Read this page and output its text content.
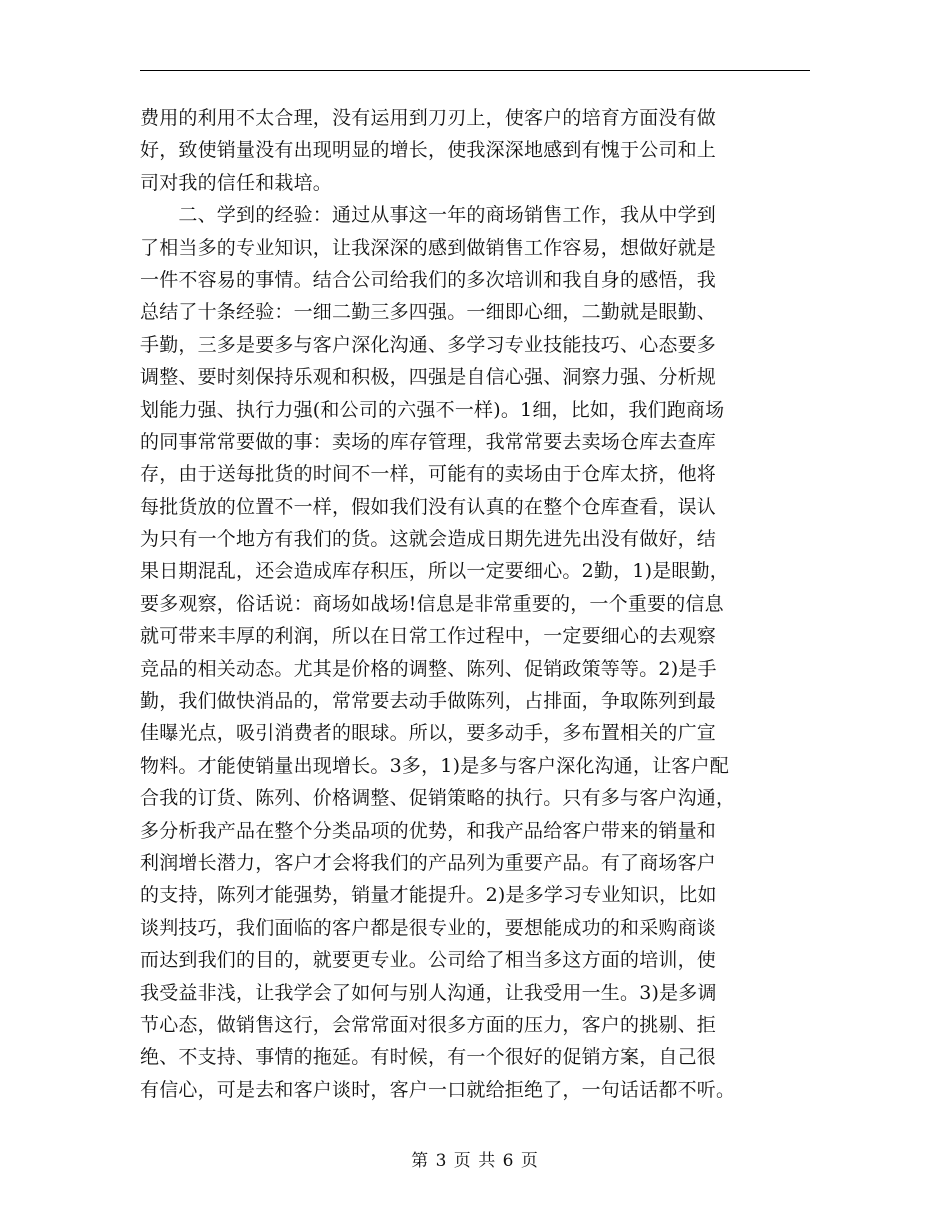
费用的利用不太合理，没有运用到刀刃上，使客户的培育方面没有做
好，致使销量没有出现明显的增长，使我深深地感到有愧于公司和上
司对我的信任和栽培。
　　二、学到的经验：通过从事这一年的商场销售工作，我从中学到
了相当多的专业知识，让我深深的感到做销售工作容易，想做好就是
一件不容易的事情。结合公司给我们的多次培训和我自身的感悟，我
总结了十条经验：一细二勤三多四强。一细即心细，二勤就是眼勤、
手勤，三多是要多与客户深化沟通、多学习专业技能技巧、心态要多
调整、要时刻保持乐观和积极，四强是自信心强、洞察力强、分析规
划能力强、执行力强(和公司的六强不一样)。1细，比如，我们跑商场
的同事常常要做的事：卖场的库存管理，我常常要去卖场仓库去查库
存，由于送每批货的时间不一样，可能有的卖场由于仓库太挤，他将
每批货放的位置不一样，假如我们没有认真的在整个仓库查看，误认
为只有一个地方有我们的货。这就会造成日期先进先出没有做好，结
果日期混乱，还会造成库存积压，所以一定要细心。2勤，1)是眼勤，
要多观察，俗话说：商场如战场!信息是非常重要的，一个重要的信息
就可带来丰厚的利润，所以在日常工作过程中，一定要细心的去观察
竞品的相关动态。尤其是价格的调整、陈列、促销政策等等。2)是手
勤，我们做快消品的，常常要去动手做陈列，占排面，争取陈列到最
佳曝光点，吸引消费者的眼球。所以，要多动手，多布置相关的广宣
物料。才能使销量出现增长。3多，1)是多与客户深化沟通，让客户配
合我的订货、陈列、价格调整、促销策略的执行。只有多与客户沟通，
多分析我产品在整个分类品项的优势，和我产品给客户带来的销量和
利润增长潜力，客户才会将我们的产品列为重要产品。有了商场客户
的支持，陈列才能强势，销量才能提升。2)是多学习专业知识，比如
谈判技巧，我们面临的客户都是很专业的，要想能成功的和采购商谈
而达到我们的目的，就要更专业。公司给了相当多这方面的培训，使
我受益非浅，让我学会了如何与别人沟通，让我受用一生。3)是多调
节心态，做销售这行，会常常面对很多方面的压力，客户的挑剔、拒
绝、不支持、事情的拖延。有时候，有一个很好的促销方案，自己很
有信心，可是去和客户谈时，客户一口就给拒绝了，一句话话都不听。
第 3 页 共 6 页
